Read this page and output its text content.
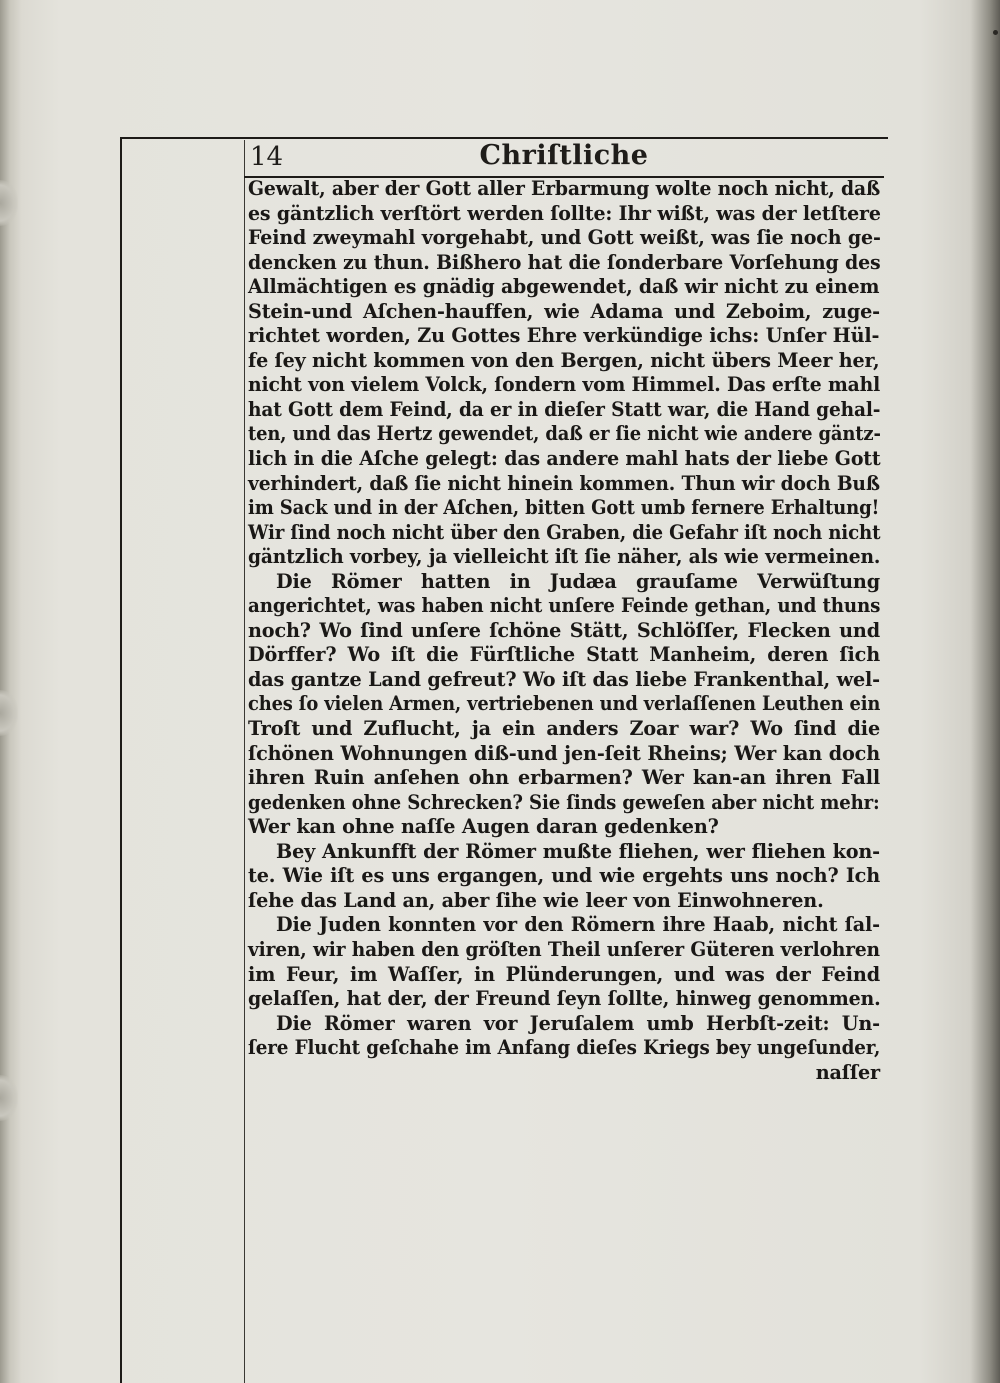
14	Chriſtliche
Gewalt, aber der Gott aller Erbarmung wolte noch nicht, daß
es gäntzlich verſtört werden ſollte: Ihr wißt, was der letſtere
Feind zweymahl vorgehabt, und Gott weißt, was ſie noch ge-
dencken zu thun. Bißhero hat die ſonderbare Vorſehung des
Allmächtigen es gnädig abgewendet, daß wir nicht zu einem
Stein-und Aſchen-hauffen, wie Adama und Zeboim, zuge-
richtet worden, Zu Gottes Ehre verkündige ichs: Unſer Hül-
fe ſey nicht kommen von den Bergen, nicht übers Meer her,
nicht von vielem Volck, ſondern vom Himmel. Das erſte mahl
hat Gott dem Feind, da er in dieſer Statt war, die Hand gehal-
ten, und das Hertz gewendet, daß er ſie nicht wie andere gäntz-
lich in die Aſche gelegt: das andere mahl hats der liebe Gott
verhindert, daß ſie nicht hinein kommen. Thun wir doch Buß
im Sack und in der Aſchen, bitten Gott umb fernere Erhaltung!
Wir ſind noch nicht über den Graben, die Gefahr iſt noch nicht
gäntzlich vorbey, ja vielleicht iſt ſie näher, als wie vermeinen.
Die Römer hatten in Judæa grauſame Verwüſtung
angerichtet, was haben nicht unſere Feinde gethan, und thuns
noch? Wo ſind unſere ſchöne Stätt, Schlöſſer, Flecken und
Dörffer? Wo iſt die Fürſtliche Statt Manheim, deren ſich
das gantze Land gefreut? Wo iſt das liebe Frankenthal, wel-
ches ſo vielen Armen, vertriebenen und verlaſſenen Leuthen ein
Troſt und Zuflucht, ja ein anders Zoar war? Wo ſind die
ſchönen Wohnungen diß-und jen-ſeit Rheins; Wer kan doch
ihren Ruin anſehen ohn erbarmen? Wer kan-an ihren Fall
gedenken ohne Schrecken? Sie ſinds geweſen aber nicht mehr:
Wer kan ohne naſſe Augen daran gedenken?
Bey Ankunfft der Römer mußte fliehen, wer fliehen kon-
te. Wie iſt es uns ergangen, und wie ergehts uns noch? Ich
ſehe das Land an, aber ſihe wie leer von Einwohneren.
Die Juden konnten vor den Römern ihre Haab, nicht ſal-
viren, wir haben den gröſten Theil unſerer Güteren verlohren
im Feur, im Waſſer, in Plünderungen, und was der Feind
gelaſſen, hat der, der Freund ſeyn ſollte, hinweg genommen.
Die Römer waren vor Jeruſalem umb Herbſt-zeit: Un-
ſere Flucht geſchahe im Anfang dieſes Kriegs bey ungeſunder,
naſſer
